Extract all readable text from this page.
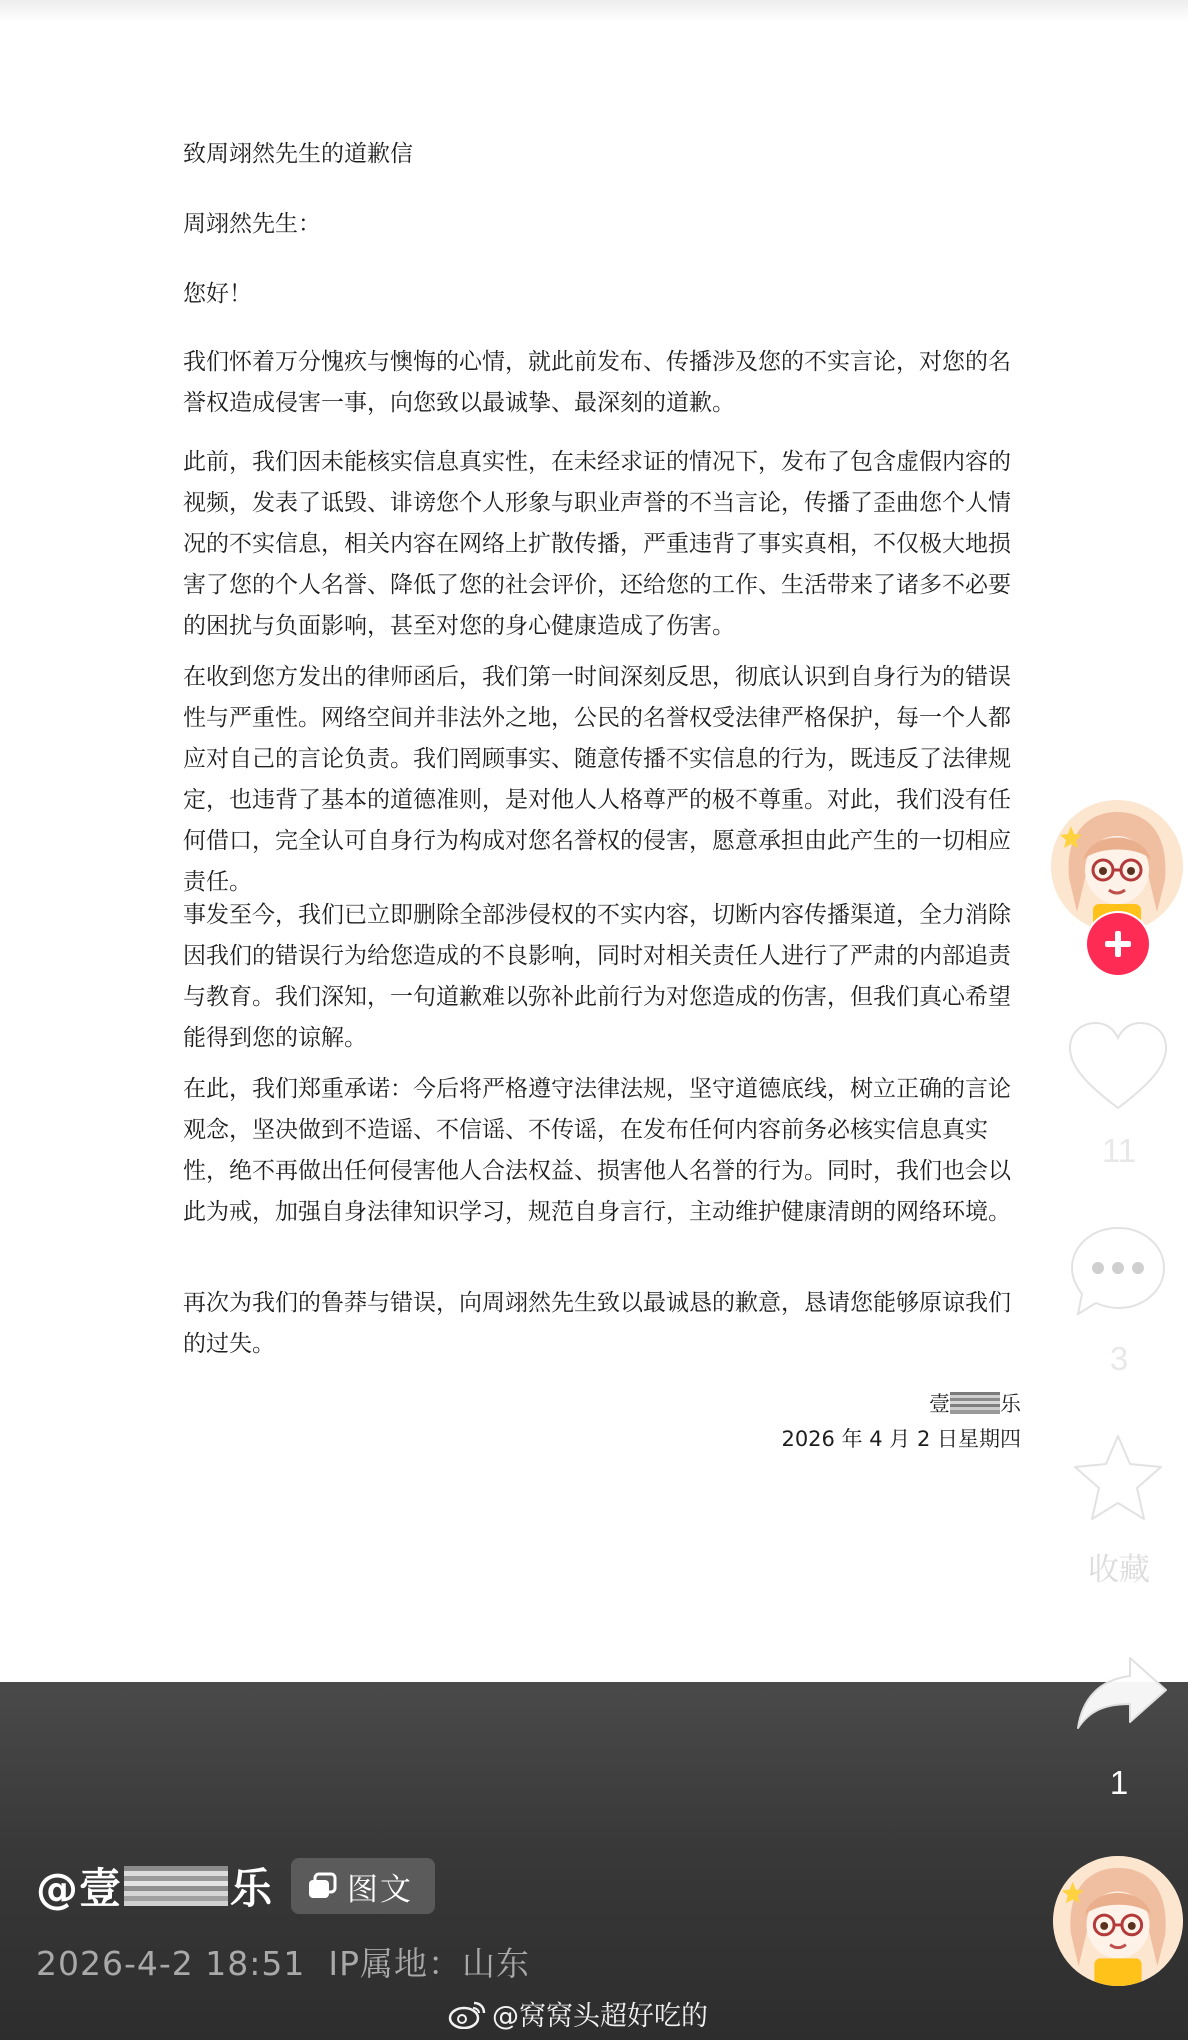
致周翊然先生的道歉信

周翊然先生：

您好！

我们怀着万分愧疚与懊悔的心情，就此前发布、传播涉及您的不实言论，对您的名誉权造成侵害一事，向您致以最诚挚、最深刻的道歉。

此前，我们因未能核实信息真实性，在未经求证的情况下，发布了包含虚假内容的视频，发表了诋毁、诽谤您个人形象与职业声誉的不当言论，传播了歪曲您个人情况的不实信息，相关内容在网络上扩散传播，严重违背了事实真相，不仅极大地损害了您的个人名誉、降低了您的社会评价，还给您的工作、生活带来了诸多不必要的困扰与负面影响，甚至对您的身心健康造成了伤害。

在收到您方发出的律师函后，我们第一时间深刻反思，彻底认识到自身行为的错误性与严重性。网络空间并非法外之地，公民的名誉权受法律严格保护，每一个人都应对自己的言论负责。我们罔顾事实、随意传播不实信息的行为，既违反了法律规定，也违背了基本的道德准则，是对他人人格尊严的极不尊重。对此，我们没有任何借口，完全认可自身行为构成对您名誉权的侵害，愿意承担由此产生的一切相应责任。

事发至今，我们已立即删除全部涉侵权的不实内容，切断内容传播渠道，全力消除因我们的错误行为给您造成的不良影响，同时对相关责任人进行了严肃的内部追责与教育。我们深知，一句道歉难以弥补此前行为对您造成的伤害，但我们真心希望能得到您的谅解。

在此，我们郑重承诺：今后将严格遵守法律法规，坚守道德底线，树立正确的言论观念，坚决做到不造谣、不信谣、不传谣，在发布任何内容前务必核实信息真实性，绝不再做出任何侵害他人合法权益、损害他人名誉的行为。同时，我们也会以此为戒，加强自身法律知识学习，规范自身言行，主动维护健康清朗的网络环境。

再次为我们的鲁莽与错误，向周翊然先生致以最诚恳的歉意，恳请您能够原谅我们的过失。

壹 乐

2026 年 4 月 2 日星期四

11
3
收藏
1
@壹	乐 图文
2026-4-2 18:51 IP属地：山东
@窝窝头超好吃的
